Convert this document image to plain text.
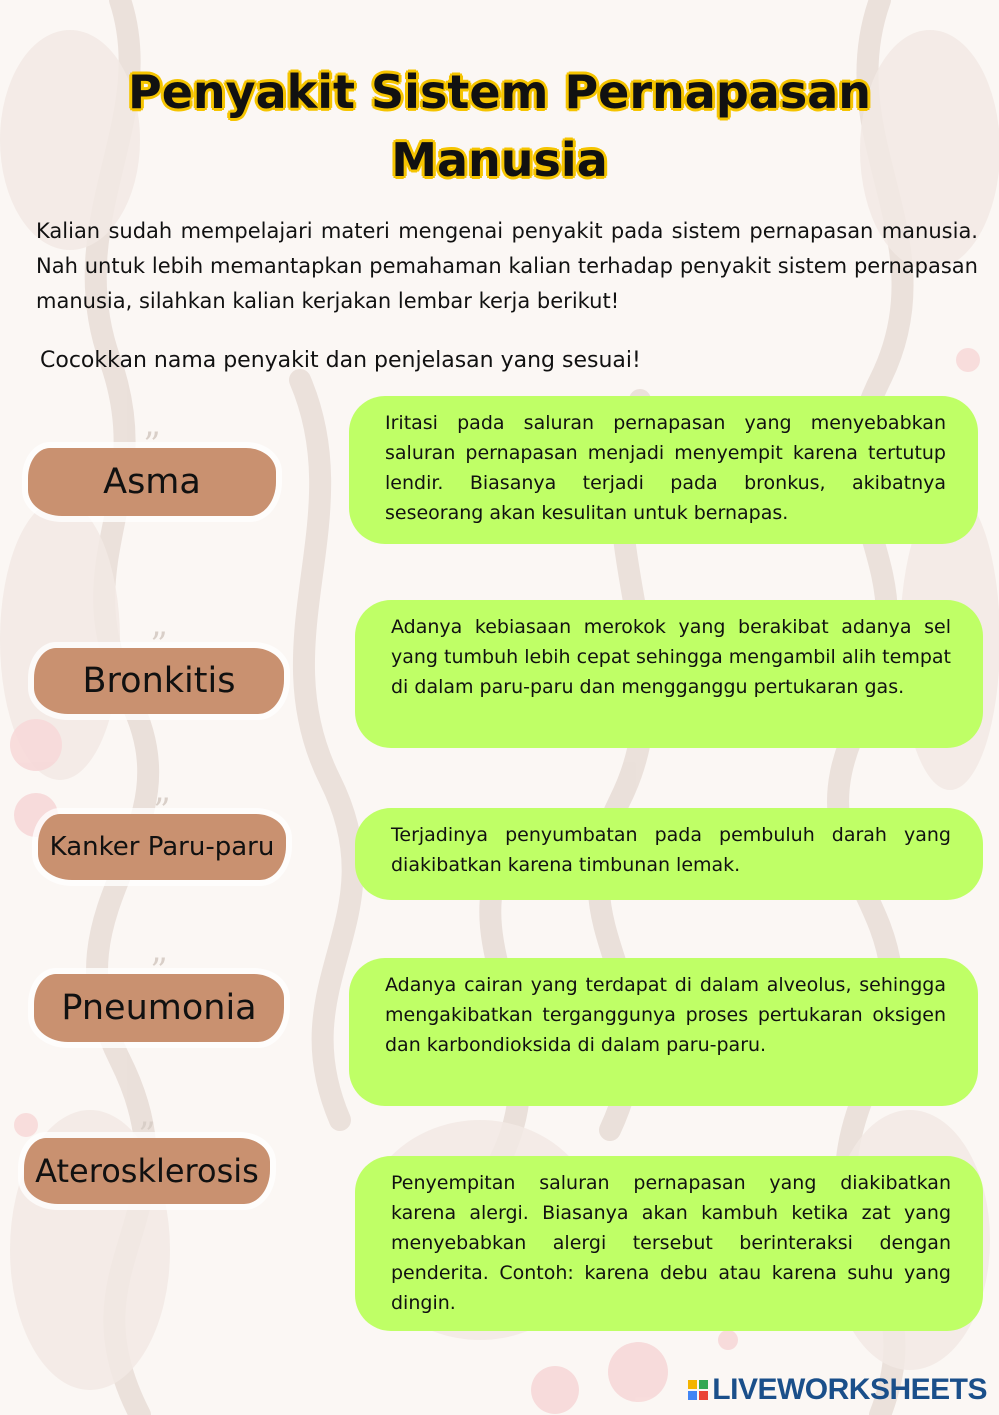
Penyakit Sistem Pernapasan
Manusia

Kalian sudah mempelajari materi mengenai penyakit pada sistem pernapasan manusia. Nah untuk lebih memantapkan pemahaman kalian terhadap penyakit sistem pernapasan manusia, silahkan kalian kerjakan lembar kerja berikut!

Cocokkan nama penyakit dan penjelasan yang sesuai!

”
Asma
”
Bronkitis
”
Kanker Paru-paru
”
Pneumonia
”
Aterosklerosis

Iritasi pada saluran pernapasan yang menyebabkan saluran pernapasan menjadi menyempit karena tertutup lendir. Biasanya terjadi pada bronkus, akibatnya seseorang akan kesulitan untuk bernapas.

Adanya kebiasaan merokok yang berakibat adanya sel yang tumbuh lebih cepat sehingga mengambil alih tempat di dalam paru-paru dan mengganggu pertukaran gas.

Terjadinya penyumbatan pada pembuluh darah yang diakibatkan karena timbunan lemak.

Adanya cairan yang terdapat di dalam alveolus, sehingga mengakibatkan terganggunya proses pertukaran oksigen dan karbondioksida di dalam paru-paru.

Penyempitan saluran pernapasan yang diakibatkan karena alergi. Biasanya akan kambuh ketika zat yang menyebabkan alergi tersebut berinteraksi dengan penderita. Contoh: karena debu atau karena suhu yang dingin.

LIVEWORKSHEETS
